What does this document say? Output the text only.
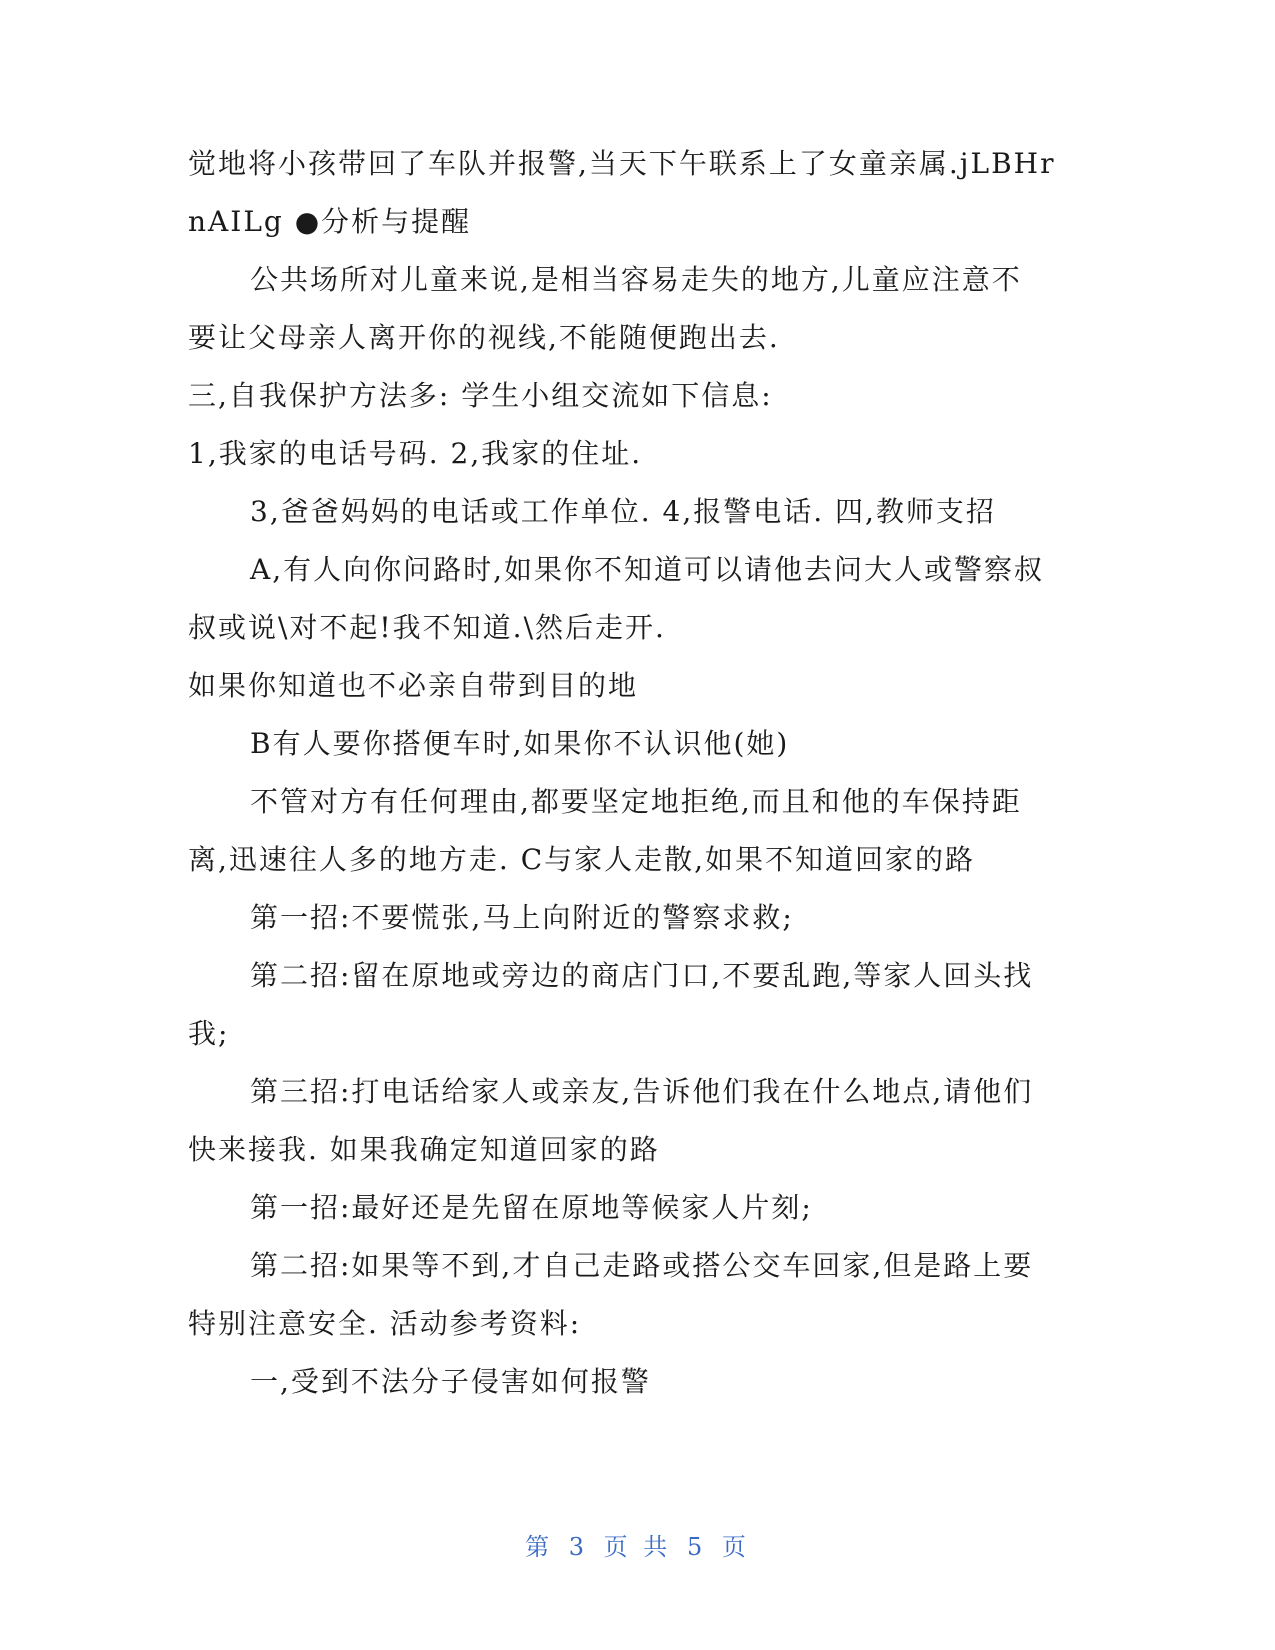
觉地将小孩带回了车队并报警,当天下午联系上了女童亲属.jLBHr
nAILg ●分析与提醒
公共场所对儿童来说,是相当容易走失的地方,儿童应注意不
要让父母亲人离开你的视线,不能随便跑出去.
三,自我保护方法多: 学生小组交流如下信息:
1,我家的电话号码. 2,我家的住址.
3,爸爸妈妈的电话或工作单位. 4,报警电话. 四,教师支招
A,有人向你问路时,如果你不知道可以请他去问大人或警察叔
叔或说\对不起!我不知道.\然后走开.
如果你知道也不必亲自带到目的地
B有人要你搭便车时,如果你不认识他(她)
不管对方有任何理由,都要坚定地拒绝,而且和他的车保持距
离,迅速往人多的地方走. C与家人走散,如果不知道回家的路
第一招:不要慌张,马上向附近的警察求救;
第二招:留在原地或旁边的商店门口,不要乱跑,等家人回头找
我;
第三招:打电话给家人或亲友,告诉他们我在什么地点,请他们
快来接我. 如果我确定知道回家的路
第一招:最好还是先留在原地等候家人片刻;
第二招:如果等不到,才自己走路或搭公交车回家,但是路上要
特别注意安全. 活动参考资料:
一,受到不法分子侵害如何报警
第 3 页 共 5 页
